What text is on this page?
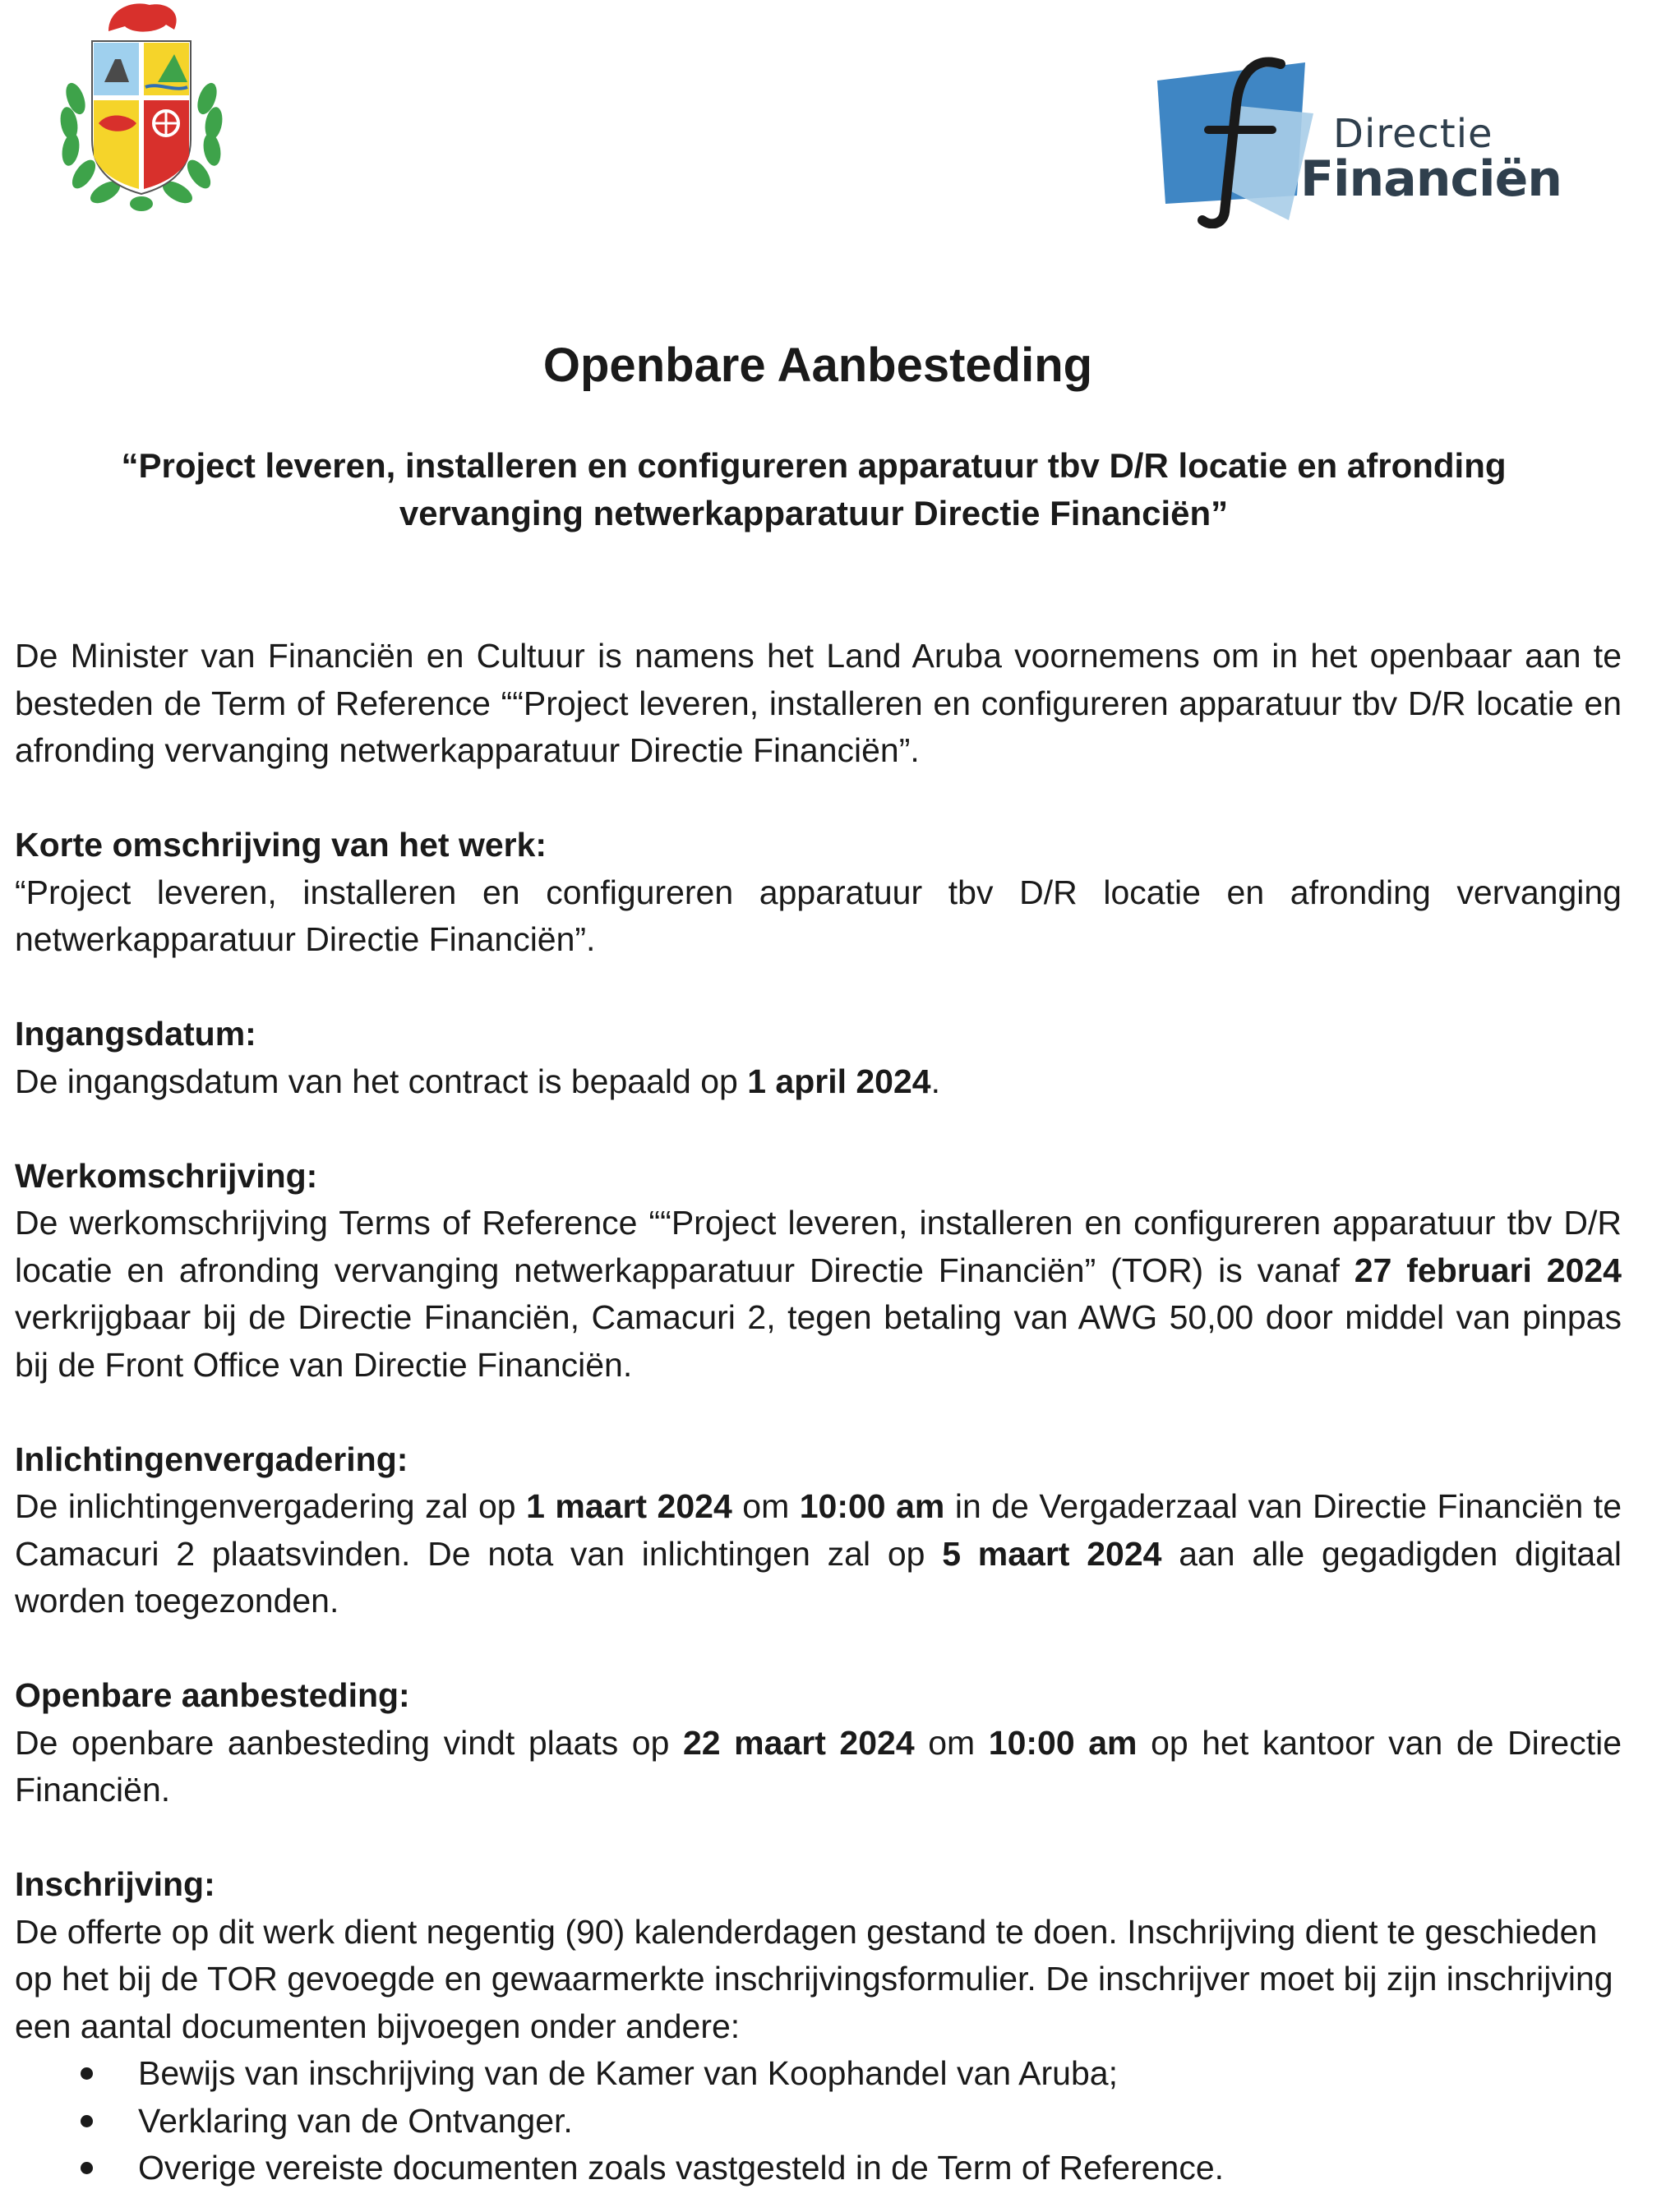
Directie
Financiën
Openbare Aanbesteding

“Project leveren, installeren en configureren apparatuur tbv D/R locatie en afronding vervanging netwerkapparatuur Directie Financiën”

De Minister van Financiën en Cultuur is namens het Land Aruba voornemens om in het openbaar aan te besteden de Term of Reference ““Project leveren, installeren en configureren apparatuur tbv D/R locatie en afronding vervanging netwerkapparatuur Directie Financiën”.

Korte omschrijving van het werk:
“Project leveren, installeren en configureren apparatuur tbv D/R locatie en afronding vervanging netwerkapparatuur Directie Financiën”.

Ingangsdatum:
De ingangsdatum van het contract is bepaald op 1 april 2024.

Werkomschrijving:
De werkomschrijving Terms of Reference ““Project leveren, installeren en configureren apparatuur tbv D/R locatie en afronding vervanging netwerkapparatuur Directie Financiën” (TOR) is vanaf 27 februari 2024 verkrijgbaar bij de Directie Financiën, Camacuri 2, tegen betaling van AWG 50,00 door middel van pinpas bij de Front Office van Directie Financiën.

Inlichtingenvergadering:
De inlichtingenvergadering zal op 1 maart 2024 om 10:00 am in de Vergaderzaal van Directie Financiën te Camacuri 2 plaatsvinden. De nota van inlichtingen zal op 5 maart 2024 aan alle gegadigden digitaal worden toegezonden.

Openbare aanbesteding:
De openbare aanbesteding vindt plaats op 22 maart 2024 om 10:00 am op het kantoor van de Directie Financiën.

Inschrijving:
De offerte op dit werk dient negentig (90) kalenderdagen gestand te doen. Inschrijving dient te geschieden op het bij de TOR gevoegde en gewaarmerkte inschrijvingsformulier. De inschrijver moet bij zijn inschrijving een aantal documenten bijvoegen onder andere:

Bewijs van inschrijving van de Kamer van Koophandel van Aruba;
Verklaring van de Ontvanger.
Overige vereiste documenten zoals vastgesteld in de Term of Reference.
